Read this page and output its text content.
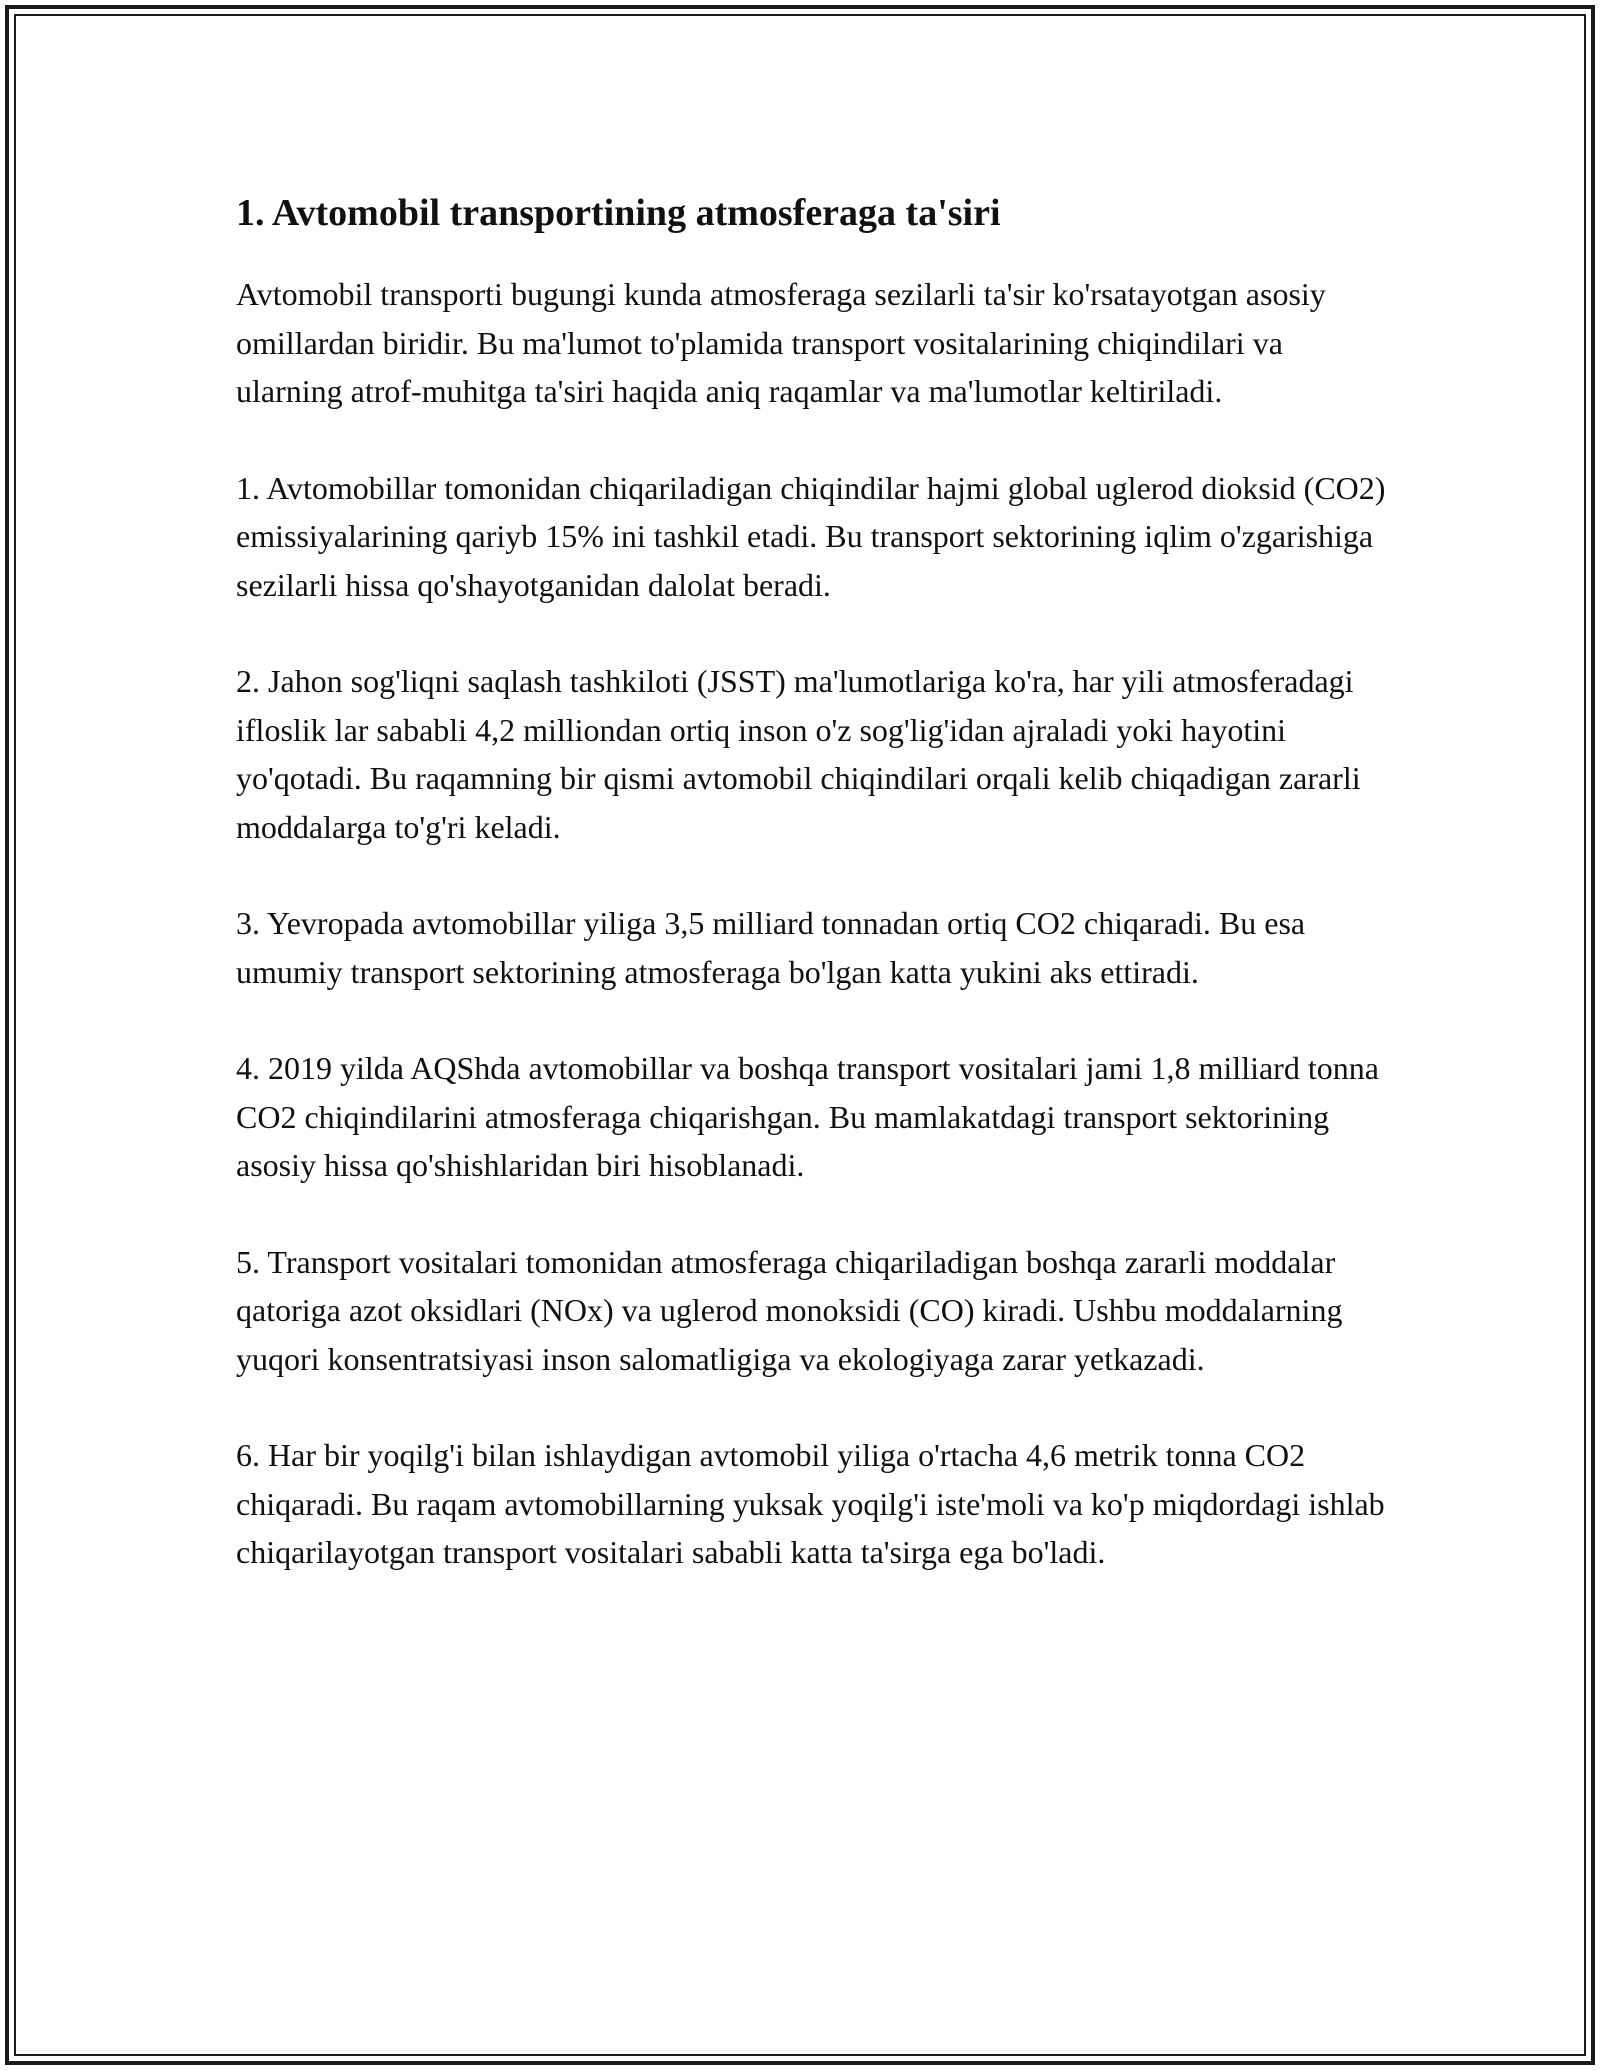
1. Avtomobil transportining atmosferaga ta'siri

Avtomobil transporti bugungi kunda atmosferaga sezilarli ta'sir ko'rsatayotgan asosiy omillardan biridir. Bu ma'lumot to'plamida transport vositalarining chiqindilari va ularning atrof-muhitga ta'siri haqida aniq raqamlar va ma'lumotlar keltiriladi.

1. Avtomobillar tomonidan chiqariladigan chiqindilar hajmi global uglerod dioksid (CO2) emissiyalarining qariyb 15% ini tashkil etadi. Bu transport sektorining iqlim o'zgarishiga sezilarli hissa qo'shayotganidan dalolat beradi.

2. Jahon sog'liqni saqlash tashkiloti (JSST) ma'lumotlariga ko'ra, har yili atmosferadagi ifloslik lar sababli 4,2 milliondan ortiq inson o'z sog'lig'idan ajraladi yoki hayotini yo'qotadi. Bu raqamning bir qismi avtomobil chiqindilari orqali kelib chiqadigan zararli moddalarga to'g'ri keladi.

3. Yevropada avtomobillar yiliga 3,5 milliard tonnadan ortiq CO2 chiqaradi. Bu esa umumiy transport sektorining atmosferaga bo'lgan katta yukini aks ettiradi.

4. 2019 yilda AQShda avtomobillar va boshqa transport vositalari jami 1,8 milliard tonna CO2 chiqindilarini atmosferaga chiqarishgan. Bu mamlakatdagi transport sektorining asosiy hissa qo'shishlaridan biri hisoblanadi.

5. Transport vositalari tomonidan atmosferaga chiqariladigan boshqa zararli moddalar qatoriga azot oksidlari (NOx) va uglerod monoksidi (CO) kiradi. Ushbu moddalarning yuqori konsentratsiyasi inson salomatligiga va ekologiyaga zarar yetkazadi.

6. Har bir yoqilg'i bilan ishlaydigan avtomobil yiliga o'rtacha 4,6 metrik tonna CO2 chiqaradi. Bu raqam avtomobillarning yuksak yoqilg'i iste'moli va ko'p miqdordagi ishlab chiqarilayotgan transport vositalari sababli katta ta'sirga ega bo'ladi.
